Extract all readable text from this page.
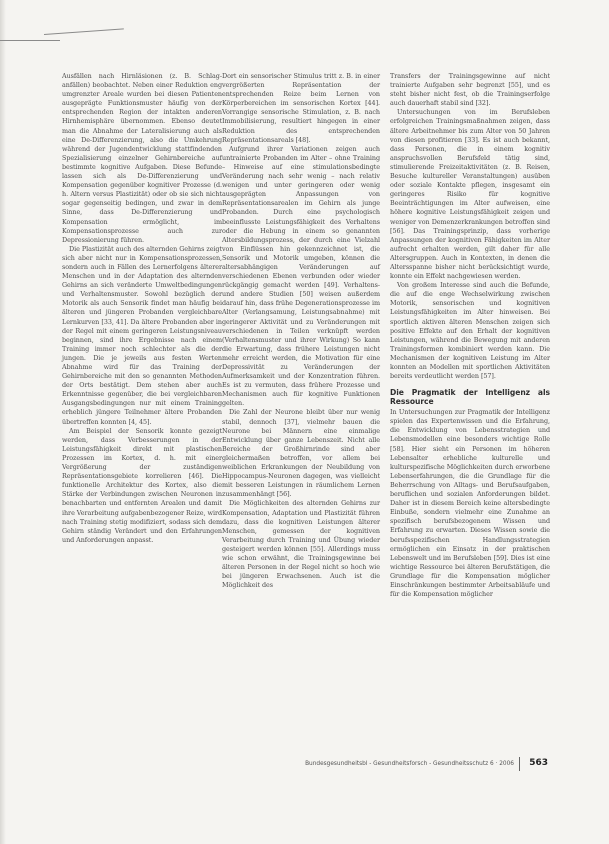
Ausfällen nach Hirnläsionen (z. B. Schlaganfällen) beobachtet. Neben einer Reduktion eng umgrenzter Areale wurden bei diesen Patienten ausgeprägte Funktionsmuster häufig von der entsprechenden Region der intakten anderen Hirnhemisphäre übernommen. Ebenso deutet man die Abnahme der Lateralisierung auch als eine De-Differenzierung, also die Umkehrung während der Jugendentwicklung stattfindenden Spezialisierung einzelner Gehirnbereiche auf bestimmte kognitive Aufgaben. Diese Befunde lassen sich als De-Differenzierung und Kompensation gegenüber kognitiver Prozesse (d. h. Altern versus Plastizität) oder ob sie sich nicht sogar gegenseitig bedingen, und zwar in dem Sinne, dass De-Differenzierung und Kompensation ermöglicht, im Kompensationsprozesse auch zur Depressionierung führen.

Die Plastizität auch des alternden Gehirns zeigt sich aber nicht nur in Kompensationsprozessen, sondern auch in Fällen des Lernerfolgens älterer Menschen und in der Adaptation des alternden Gehirns an sich veränderte Umweltbedingungen und Verhaltensmuster. Sowohl bezüglich der Motorik als auch Sensorik findet man häufig bei älteren und jüngeren Probanden vergleichbare Lernkurven [33, 41]. Da ältere Probanden aber in der Regel mit einem geringeren Leistungsniveau beginnen, sind ihre Ergebnisse nach einem Training immer noch schlechter als die der jungen. Die je jeweils aus festen Werten Abnahme wird für das Training der Gehirnbereiche mit den so genannten Methoden der Orts bestätigt. Dem stehen aber auch Erkenntnisse gegenüber, die bei vergleichbaren Ausgangsbedingungen nur mit einem Training erheblich jüngere Teilnehmer ältere Probanden übertreffen konnten [4, 45].

Am Beispiel der Sensorik konnte gezeigt werden, dass Verbesserungen in der Leistungsfähigkeit direkt mit plastischen Prozessen im Kortex, d. h. mit einer Vergrößerung der zuständigen Repräsentationsgebiete korrelieren [46]. Die funktionelle Architektur des Kortex, also die Stärke der Verbindungen zwischen Neuronen in benachbarten und entfernten Arealen und damit ihre Verarbeitung aufgabenbezogener Reize, wird nach Training stetig modifiziert, sodass sich dem Gehirn ständig Verändert und den Erfahrungen und Anforderungen anpasst.

Dort ein sensorischer Stimulus tritt z. B. in einer vergrößerten Repräsentation der entsprechenden Reize beim Lernen von Körperbereichen im sensorischen Kortex [44]. Vorrangige sensorische Stimulation, z. B. nach Immobilisierung, resultiert hingegen in einer Reduktion des entsprechenden Repräsentationsareals [48].

Aufgrund ihrer Variationen zeigen auch untrainierte Probanden im Alter – ohne Training – Hinweise auf eine stimulationsbedingte Veränderung nach sehr wenig – nach relativ wenigen und unter geringeren oder wenig ausgeprägten Anpassungen von Repräsentationsarealen im Gehirn als junge Probanden. Durch eine psychologisch beeinflusste Leistungsfähigkeit des Verhaltens oder die Hebung in einem so genannten Altersbildungsprozess, der durch eine Vielzahl von Einflüssen hin gekennzeichnet ist, die Sensorik und Motorik umgeben, können die altersabhängigen Veränderungen auf verschiedenen Ebenen verbunden oder wieder rückgängig gemacht werden [49]. Verhaltens- und andere Studien [50] weisen außerdem darauf hin, dass frühe Degenerationsprozesse im Alter (Verlangsamung, Leistungsabnahme) mit geringerer Aktivität und zu Veränderungen mit verschiedenen in Teilen verknüpft werden (Verhaltensmuster und ihrer Wirkung) So kann die Erwartung, dass frühere Leistungen nicht mehr erreicht werden, die Motivation für eine Depressivität zu Veränderungen der Aufmerksamkeit und der Konzentration führen. Es ist zu vermuten, dass frühere Prozesse und Mechanismen auch für kognitive Funktionen gelten.

Die Zahl der Neurone bleibt über nur wenig stabil, dennoch [37], vielmehr bauen die Neurone bei Männern eine einmalige Entwicklung über ganze Lebenszeit. Nicht alle Bereiche der Großhirnrinde sind aber gleichermaßen betroffen, vor allem bei weiblichen Erkrankungen der Neubildung von Hippocampus-Neuronen dagegen, was vielleicht mit besseren Leistungen in räumlichem Lernen zusammenhängt [56].

Die Möglichkeiten des alternden Gehirns zur Kompensation, Adaptation und Plastizität führen dazu, dass die kognitiven Leistungen älterer Menschen, gemessen der kognitiven Verarbeitung durch Training und Übung wieder gesteigert werden können [55]. Allerdings muss wie schon erwähnt, die Trainingsgewinne bei älteren Personen in der Regel nicht so hoch wie bei jüngeren Erwachsenen. Auch ist die Möglichkeit des

Transfers der Trainingsgewinne auf nicht trainierte Aufgaben sehr begrenzt [55], und es steht bisher nicht fest, ob die Trainingserfolge auch dauerhaft stabil sind [32].

Untersuchungen von im Berufsleben erfolgreichen Trainingsmaßnahmen zeigen, dass ältere Arbeitnehmer bis zum Alter von 50 Jahren von diesen profitieren [33]. Es ist auch bekannt, dass Personen, die in einem kognitiv anspruchsvollen Berufsfeld tätig sind, stimulierende Freizeitaktivitäten (z. B. Reisen, Besuche kultureller Veranstaltungen) ausüben oder soziale Kontakte pflegen, insgesamt ein geringeres Risiko für kognitive Beeinträchtigungen im Alter aufweisen, eine höhere kognitive Leistungsfähigkeit zeigen und weniger von Demenzerkrankungen betroffen sind [56]. Das Trainingsprinzip, dass vorherige Anpassungen der kognitiven Fähigkeiten im Alter aufrecht erhalten werden, gilt daher für alle Altersgruppen. Auch in Kontexten, in denen die Altersspanne bisher nicht berücksichtigt wurde, konnte ein Effekt nachgewiesen werden.

Von großem Interesse sind auch die Befunde, die auf die enge Wechselwirkung zwischen Motorik, sensorischen und kognitiven Leistungsfähigkeiten im Alter hinweisen. Bei sportlich aktiven älteren Menschen zeigen sich positive Effekte auf den Erhalt der kognitiven Leistungen, während die Bewegung mit anderen Trainingsformen kombiniert werden kann. Die Mechanismen der kognitiven Leistung im Alter konnten an Modellen mit sportlichen Aktivitäten bereits verdeutlicht werden [57].

Die Pragmatik der Intelligenz als Ressource

In Untersuchungen zur Pragmatik der Intelligenz spielen das Expertenwissen und die Erfahrung, die Entwicklung von Lebensstrategien und Lebensmodellen eine besonders wichtige Rolle [58]. Hier sieht ein Personen im höheren Lebensalter erhebliche kulturelle und kulturspezifische Möglichkeiten durch erworbene Lebenserfahrungen, die die Grundlage für die Beherrschung von Alltags- und Berufsaufgaben, beruflichen und sozialen Anforderungen bildet. Daher ist in diesem Bereich keine altersbedingte Einbuße, sondern vielmehr eine Zunahme an spezifisch berufsbezogenem Wissen und Erfahrung zu erwarten. Dieses Wissen sowie die berufsspezifischen Handlungsstrategien ermöglichen ein Einsatz in der praktischen Lebenswelt und im Berufsleben [59]. Dies ist eine wichtige Ressource bei älteren Berufstätigen, die Grundlage für die Kompensation möglicher Einschränkungen bestimmter Arbeitsabläufe und für die Kompensation möglicher

Bundesgesundheitsbl - Gesundheitsforsch - Gesundheitsschutz 6 · 2006 563
